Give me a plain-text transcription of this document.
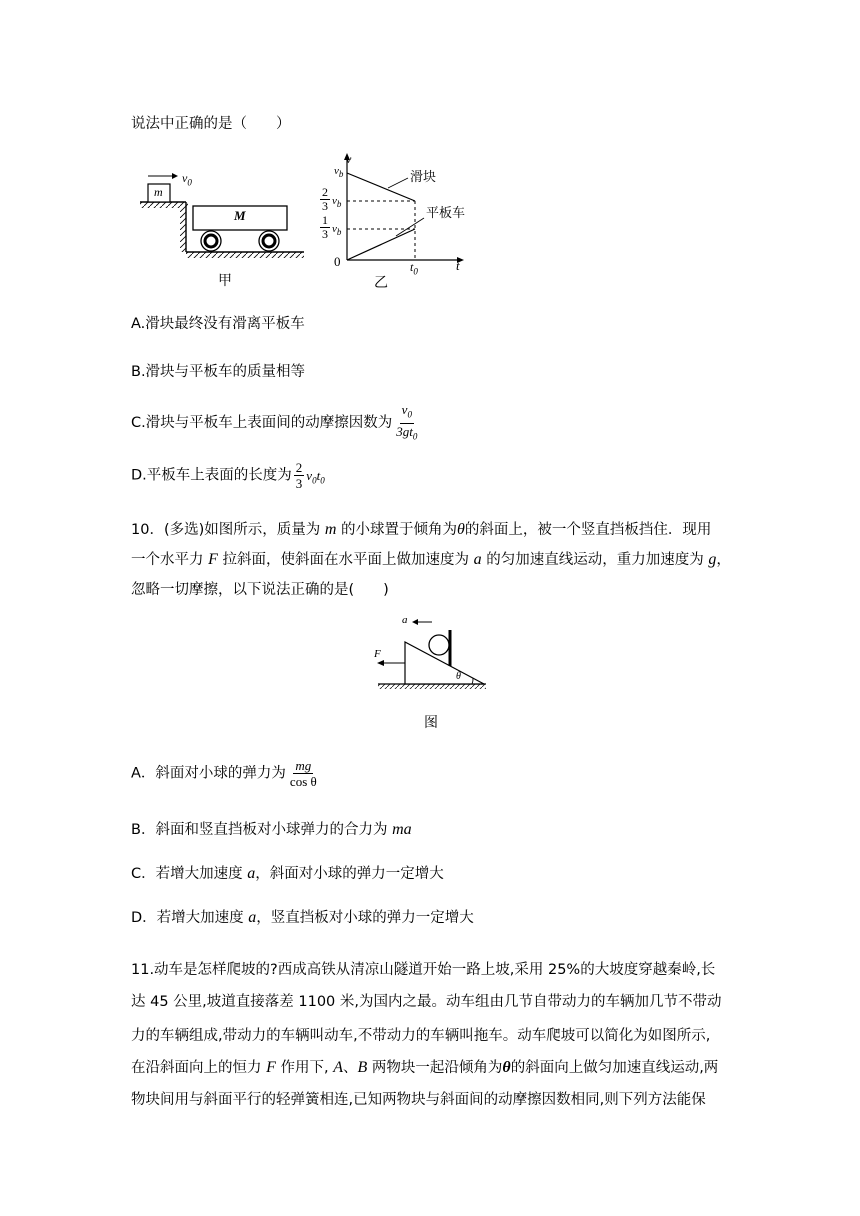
说法中正确的是（　　）
m
$v_0$
M
甲
v
t
0
滑块
平板车
$v_b$
$\frac{2}{3} v_b$
$\frac{1}{3} v_b$
$t_0$
乙
A.滑块最终没有滑离平板车
B.滑块与平板车的质量相等
C.滑块与平板车上表面间的动摩擦因数为 $\frac{v_0}{3gt_0}$
D.平板车上表面的长度为 $\frac{2}{3} v_0t_0$
10．(多选)如图所示，质量为 m 的小球置于倾角为θ的斜面上，被一个竖直挡板挡住．现用
一个水平力 F 拉斜面，使斜面在水平面上做加速度为 a 的匀加速直线运动，重力加速度为 g，
忽略一切摩擦，以下说法正确的是(　　)
a
F
θ
图
A．斜面对小球的弹力为 $\frac{mg}{\text{cos θ}}$
B．斜面和竖直挡板对小球弹力的合力为 ma
C．若增大加速度 a，斜面对小球的弹力一定增大
D．若增大加速度 a，竖直挡板对小球的弹力一定增大
11.动车是怎样爬坡的?西成高铁从清凉山隧道开始一路上坡,采用 25%的大坡度穿越秦岭,长
达 45 公里,坡道直接落差 1100 米,为国内之最。动车组由几节自带动力的车辆加几节不带动
力的车辆组成,带动力的车辆叫动车,不带动力的车辆叫拖车。动车爬坡可以简化为如图所示,
在沿斜面向上的恒力 F 作用下, A、B 两物块一起沿倾角为θ的斜面向上做匀加速直线运动,两
物块间用与斜面平行的轻弹簧相连,已知两物块与斜面间的动摩擦因数相同,则下列方法能保
